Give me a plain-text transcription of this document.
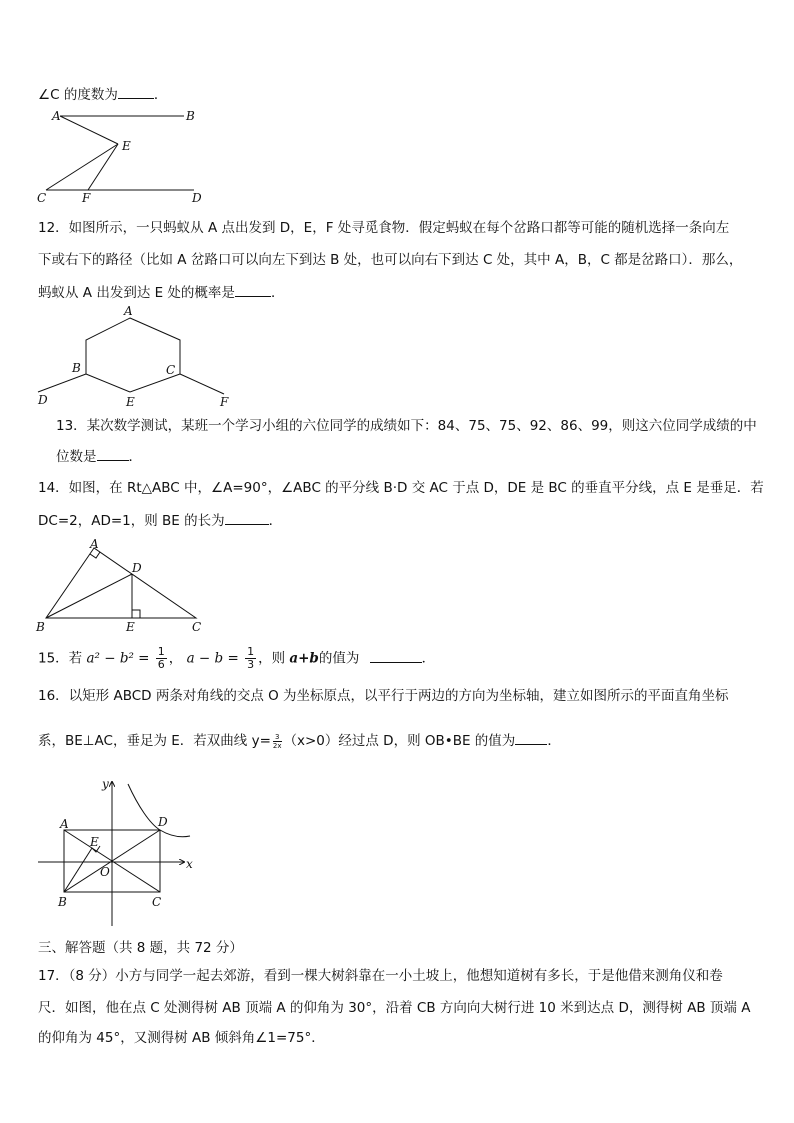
∠C 的度数为	．
A	B
E
C	F	D
12．如图所示，一只蚂蚁从 A 点出发到 D，E，F 处寻觅食物．假定蚂蚁在每个岔路口都等可能的随机选择一条向左
下或右下的路径（比如 A 岔路口可以向左下到达 B 处，也可以向右下到达 C 处，其中 A，B，C 都是岔路口）．那么，
蚂蚁从 A 出发到达 E 处的概率是	．
A
B	C
D	E	F
13．某次数学测试，某班一个学习小组的六位同学的成绩如下：84、75、75、92、86、99，则这六位同学成绩的中
位数是 ．
14．如图，在 Rt△ABC 中，∠A=90°，∠ABC 的平分线 B·D 交 AC 于点 D，DE 是 BC 的垂直平分线，点 E 是垂足．若
DC=2，AD=1，则 BE 的长为	．
A
D
B	E	C
15．若 $a^2 - b^2 = \frac{1}{6}$ ， $a - b = \frac{1}{3}$ ，则 a+b的值为	．
16．以矩形 ABCD 两条对角线的交点 O 为坐标原点，以平行于两边的方向为坐标轴，建立如图所示的平面直角坐标
系，BE⊥AC，垂足为 E．若双曲线 $y= \frac{3}{2x} (x>0)$经过点 D，则 OB•BE 的值为 ．
y
x
A	D
E
O
B	C
三、解答题（共 8 题，共 72 分）
17．（8 分）小方与同学一起去郊游，看到一棵大树斜靠在一小土坡上，他想知道树有多长，于是他借来测角仪和卷
尺．如图，他在点 C 处测得树 AB 顶端 A 的仰角为 30°，沿着 CB 方向向大树行进 10 米到达点 D，测得树 AB 顶端 A
的仰角为 45°，又测得树 AB 倾斜角∠1=75°．
